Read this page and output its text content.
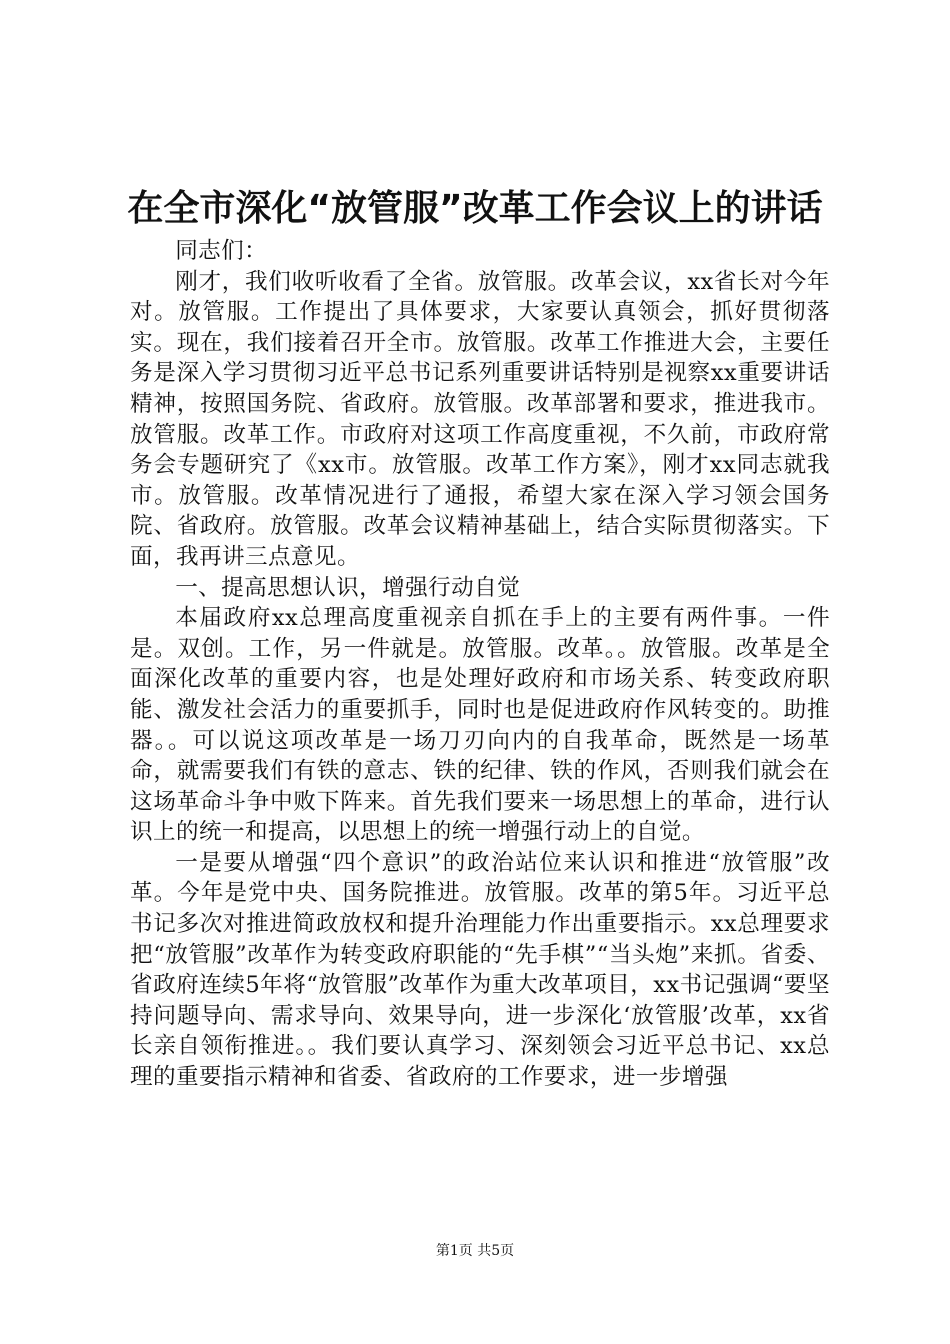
在全市深化“放管服”改革工作会议上的讲话

同志们：

刚才，我们收听收看了全省。放管服。改革会议，xx省长对今年对。放管服。工作提出了具体要求，大家要认真领会，抓好贯彻落实。现在，我们接着召开全市。放管服。改革工作推进大会，主要任务是深入学习贯彻习近平总书记系列重要讲话特别是视察xx重要讲话精神，按照国务院、省政府。放管服。改革部署和要求，推进我市。放管服。改革工作。市政府对这项工作高度重视，不久前，市政府常务会专题研究了《xx市。放管服。改革工作方案》，刚才xx同志就我市。放管服。改革情况进行了通报，希望大家在深入学习领会国务院、省政府。放管服。改革会议精神基础上，结合实际贯彻落实。下面，我再讲三点意见。

一、提高思想认识，增强行动自觉

本届政府xx总理高度重视亲自抓在手上的主要有两件事。一件是。双创。工作，另一件就是。放管服。改革。。放管服。改革是全面深化改革的重要内容，也是处理好政府和市场关系、转变政府职能、激发社会活力的重要抓手，同时也是促进政府作风转变的。助推器。。可以说这项改革是一场刀刃向内的自我革命，既然是一场革命，就需要我们有铁的意志、铁的纪律、铁的作风，否则我们就会在这场革命斗争中败下阵来。首先我们要来一场思想上的革命，进行认识上的统一和提高，以思想上的统一增强行动上的自觉。

一是要从增强“四个意识”的政治站位来认识和推进“放管服”改革。今年是党中央、国务院推进。放管服。改革的第5年。习近平总书记多次对推进简政放权和提升治理能力作出重要指示。xx总理要求把“放管服”改革作为转变政府职能的“先手棋”“当头炮”来抓。省委、省政府连续5年将“放管服”改革作为重大改革项目，xx书记强调“要坚持问题导向、需求导向、效果导向，进一步深化‘放管服’改革，xx省长亲自领衔推进。。我们要认真学习、深刻领会习近平总书记、xx总理的重要指示精神和省委、省政府的工作要求，进一步增强

第1页 共5页
